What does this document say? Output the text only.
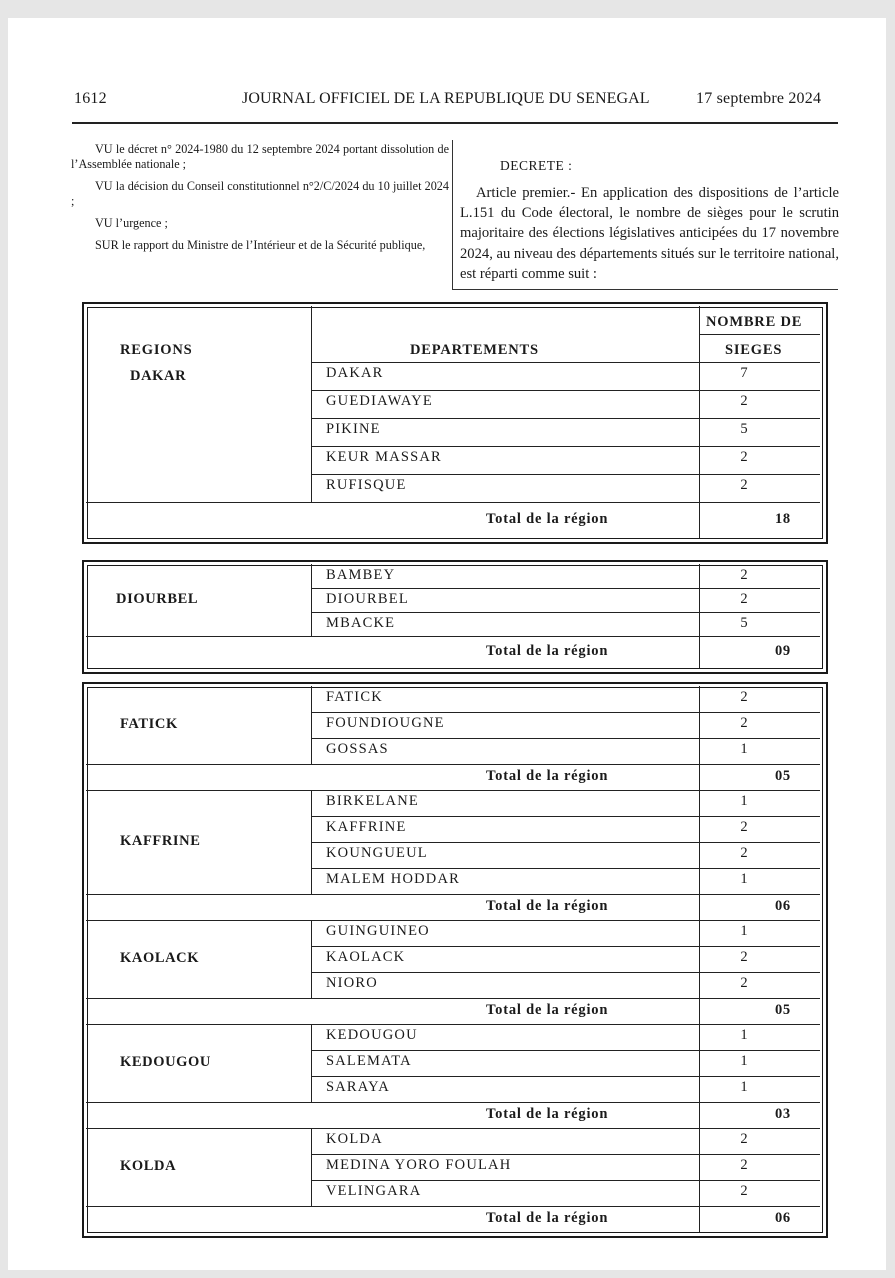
1612	JOURNAL OFFICIEL DE LA REPUBLIQUE DU SENEGAL	17 septembre 2024

VU le décret n° 2024-1980 du 12 septembre 2024 portant dissolution de l’Assemblée nationale ;

VU la décision du Conseil constitutionnel n°2/C/2024 du 10 juillet 2024 ;

VU l’urgence ;

SUR le rapport du Ministre de l’Intérieur et de la Sécurité publique,

DECRETE :
Article premier.- En application des dispositions de l’article L.151 du Code électoral, le nombre de sièges pour le scrutin majoritaire des élections législatives anticipées du 17 novembre 2024, au niveau des départements situés sur le territoire national, est réparti comme suit :
REGIONS	DEPARTEMENTS
NOMBRE DE
SIEGES
DAKAR	DAKAR	7
GUEDIAWAYE	2
PIKINE	5
KEUR MASSAR	2
RUFISQUE	2
Total de la région	18
DIOURBEL
BAMBEY	2
DIOURBEL	2
MBACKE	5
Total de la région	09
FATICK
FATICK	2
FOUNDIOUGNE	2
GOSSAS	1
Total de la région	05
KAFFRINE
BIRKELANE	1
KAFFRINE	2
KOUNGUEUL	2
MALEM HODDAR	1
Total de la région	06
KAOLACK
GUINGUINEO	1
KAOLACK	2
NIORO	2
Total de la région	05
KEDOUGOU
KEDOUGOU	1
SALEMATA	1
SARAYA	1
Total de la région	03
KOLDA
KOLDA	2
MEDINA YORO FOULAH	2
VELINGARA	2
Total de la région	06
